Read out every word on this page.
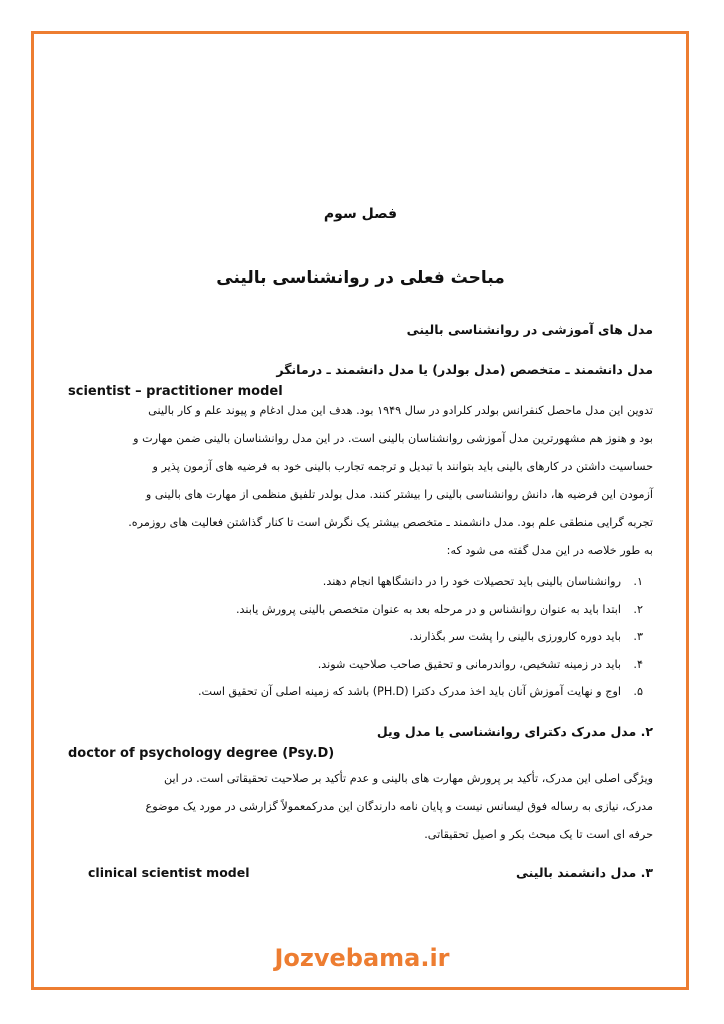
فصل سوم
مباحث فعلی در روانشناسی بالینی
مدل های آموزشی در روانشناسی بالینی
مدل دانشمند ـ متخصص (مدل بولدر) یا مدل دانشمند ـ درمانگر
scientist – practitioner model

تدوین این مدل ماحصل کنفرانس بولدر کلرادو در سال ۱۹۴۹ بود. هدف این مدل ادغام و پیوند علم و کار بالینی

بود و هنوز هم مشهورترین مدل آموزشی روانشناسان بالینی است. در این مدل روانشناسان بالینی ضمن مهارت و

حساسیت داشتن در کارهای بالینی باید بتوانند با تبدیل و ترجمه تجارب بالینی خود به فرضیه های آزمون پذیر و

آزمودن این فرضیه ها، دانش روانشناسی بالینی را بیشتر کنند. مدل بولدر تلفیق منظمی از مهارت های بالینی و

تجربه گرایی منطقی علم بود. مدل دانشمند ـ متخصص بیشتر یک نگرش است تا کنار گذاشتن فعالیت های روزمره.

به طور خلاصه در این مدل گفته می شود که:

۱.روانشناسان بالینی باید تحصیلات خود را در دانشگاهها انجام دهند.
۲.ابتدا باید به عنوان روانشناس و در مرحله بعد به عنوان متخصص بالینی پرورش یابند.
۳.باید دوره کارورزی بالینی را پشت سر بگذارند.
۴.باید در زمینه تشخیص، رواندرمانی و تحقیق صاحب صلاحیت شوند.
۵.اوج و نهایت آموزش آنان باید اخذ مدرک دکترا (PH.D) باشد که زمینه اصلی آن تحقیق است.
۲. مدل مدرک دکترای روانشناسی یا مدل ویل
doctor of psychology degree (Psy.D)

ویژگی اصلی این مدرک، تأکید بر پرورش مهارت های بالینی و عدم تأکید بر صلاحیت تحقیقاتی است. در این

مدرک، نیازی به رساله فوق لیسانس نیست و پایان نامه دارندگان این مدرکمعمولاً گزارشی در مورد یک موضوع

حرفه ای است تا یک مبحث بکر و اصیل تحقیقاتی.

۳. مدل دانشمند بالینی
clinical scientist model
Jozvebama.ir
